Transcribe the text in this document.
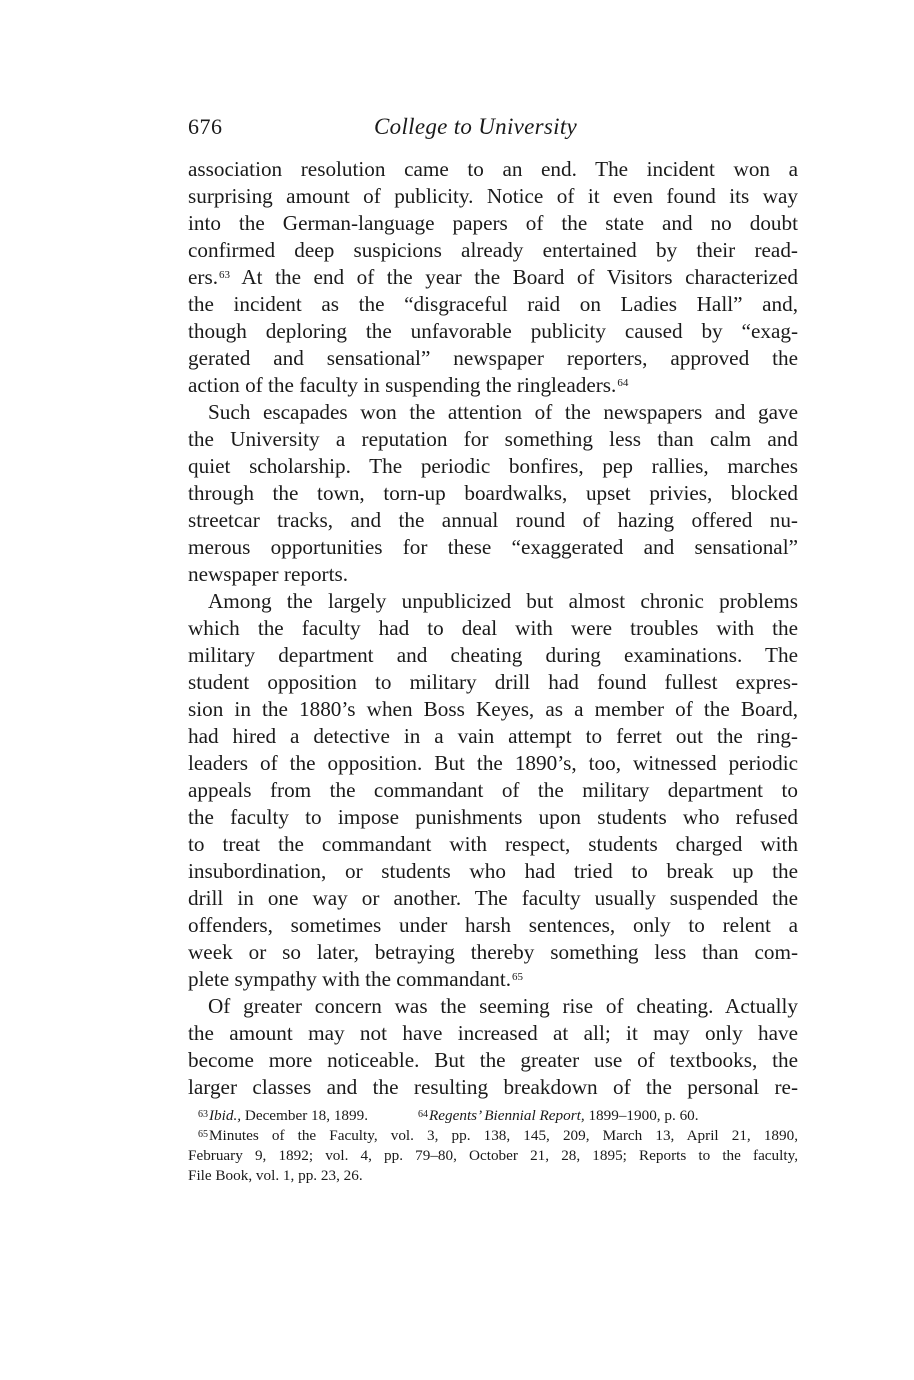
676	College to University
association resolution came to an end. The incident won a
surprising amount of publicity. Notice of it even found its way
into the German-language papers of the state and no doubt
confirmed deep suspicions already entertained by their read-
ers.$^{63}$ At the end of the year the Board of Visitors characterized
the incident as the “disgraceful raid on Ladies Hall” and,
though deploring the unfavorable publicity caused by “exag-
gerated and sensational” newspaper reporters, approved the
action of the faculty in suspending the ringleaders.$^{64}$
Such escapades won the attention of the newspapers and gave
the University a reputation for something less than calm and
quiet scholarship. The periodic bonfires, pep rallies, marches
through the town, torn-up boardwalks, upset privies, blocked
streetcar tracks, and the annual round of hazing offered nu-
merous opportunities for these “exaggerated and sensational”
newspaper reports.
Among the largely unpublicized but almost chronic problems
which the faculty had to deal with were troubles with the
military department and cheating during examinations. The
student opposition to military drill had found fullest expres-
sion in the 1880’s when Boss Keyes, as a member of the Board,
had hired a detective in a vain attempt to ferret out the ring-
leaders of the opposition. But the 1890’s, too, witnessed periodic
appeals from the commandant of the military department to
the faculty to impose punishments upon students who refused
to treat the commandant with respect, students charged with
insubordination, or students who had tried to break up the
drill in one way or another. The faculty usually suspended the
offenders, sometimes under harsh sentences, only to relent a
week or so later, betraying thereby something less than com-
plete sympathy with the commandant.$^{65}$
Of greater concern was the seeming rise of cheating. Actually
the amount may not have increased at all; it may only have
become more noticeable. But the greater use of textbooks, the
larger classes and the resulting breakdown of the personal re-
$^{63}$Ibid., December 18, 1899.	$^{64}$Regents’ Biennial Report, 1899–1900, p. 60.
$^{65}$Minutes of the Faculty, vol. 3, pp. 138, 145, 209, March 13, April 21, 1890,
February 9, 1892; vol. 4, pp. 79–80, October 21, 28, 1895; Reports to the faculty,
File Book, vol. 1, pp. 23, 26.
